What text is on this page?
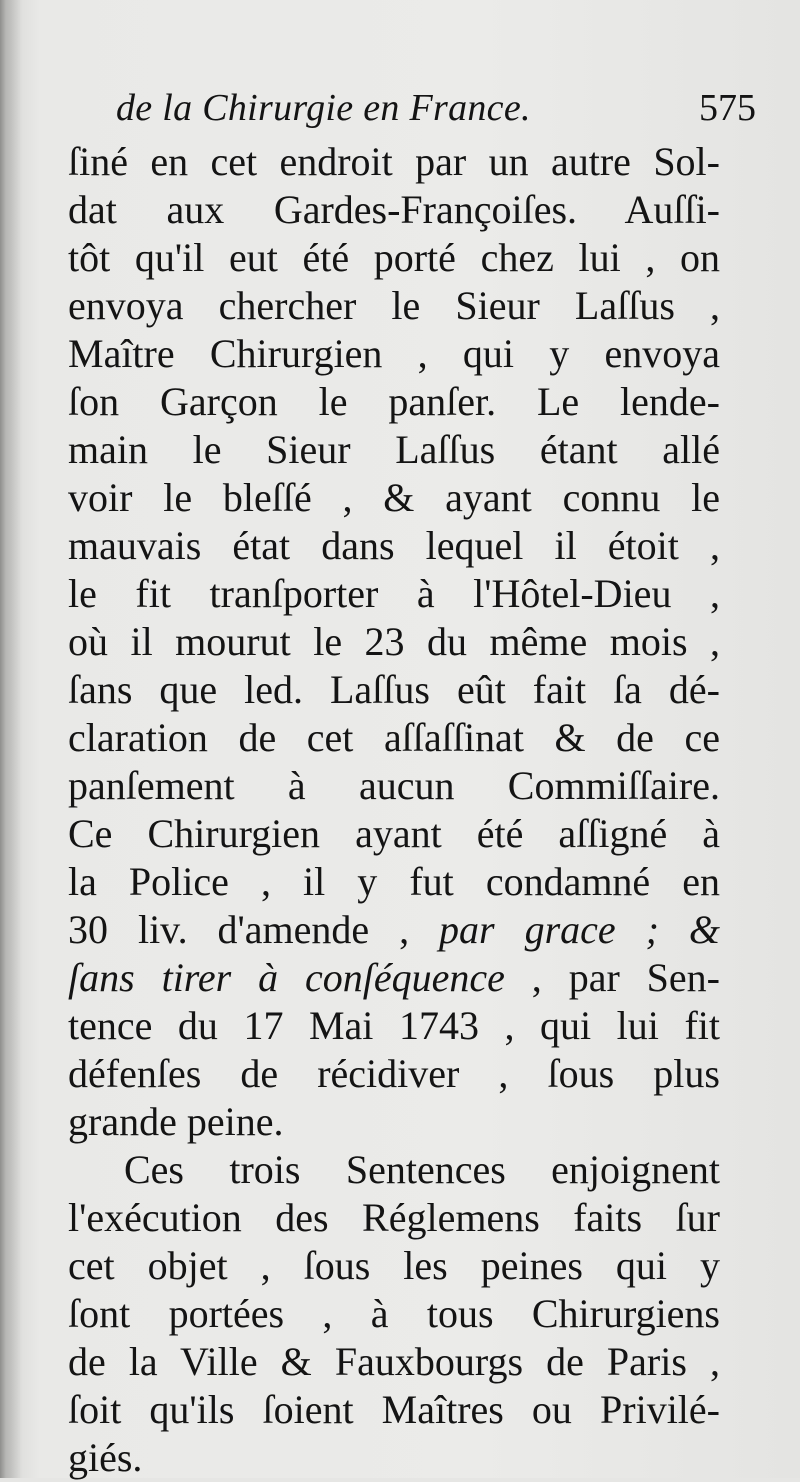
de la Chirurgie en France.	575
ſiné en cet endroit par un autre Sol-
dat aux Gardes-Françoiſes. Auſſi-
tôt qu'il eut été porté chez lui , on
envoya chercher le Sieur Laſſus ,
Maître Chirurgien , qui y envoya
ſon Garçon le panſer. Le lende-
main le Sieur Laſſus étant allé
voir le bleſſé , & ayant connu le
mauvais état dans lequel il étoit ,
le fit tranſporter à l'Hôtel-Dieu ,
où il mourut le 23 du même mois ,
ſans que led. Laſſus eût fait ſa dé-
claration de cet aſſaſſinat & de ce
panſement à aucun Commiſſaire.
Ce Chirurgien ayant été aſſigné à
la Police , il y fut condamné en
30 liv. d'amende , par grace ; &
ſans tirer à conſéquence , par Sen-
tence du 17 Mai 1743 , qui lui fit
défenſes de récidiver , ſous plus
grande peine.
Ces trois Sentences enjoignent
l'exécution des Réglemens faits ſur
cet objet , ſous les peines qui y
ſont portées , à tous Chirurgiens
de la Ville & Fauxbourgs de Paris ,
ſoit qu'ils ſoient Maîtres ou Privilé-
giés.
